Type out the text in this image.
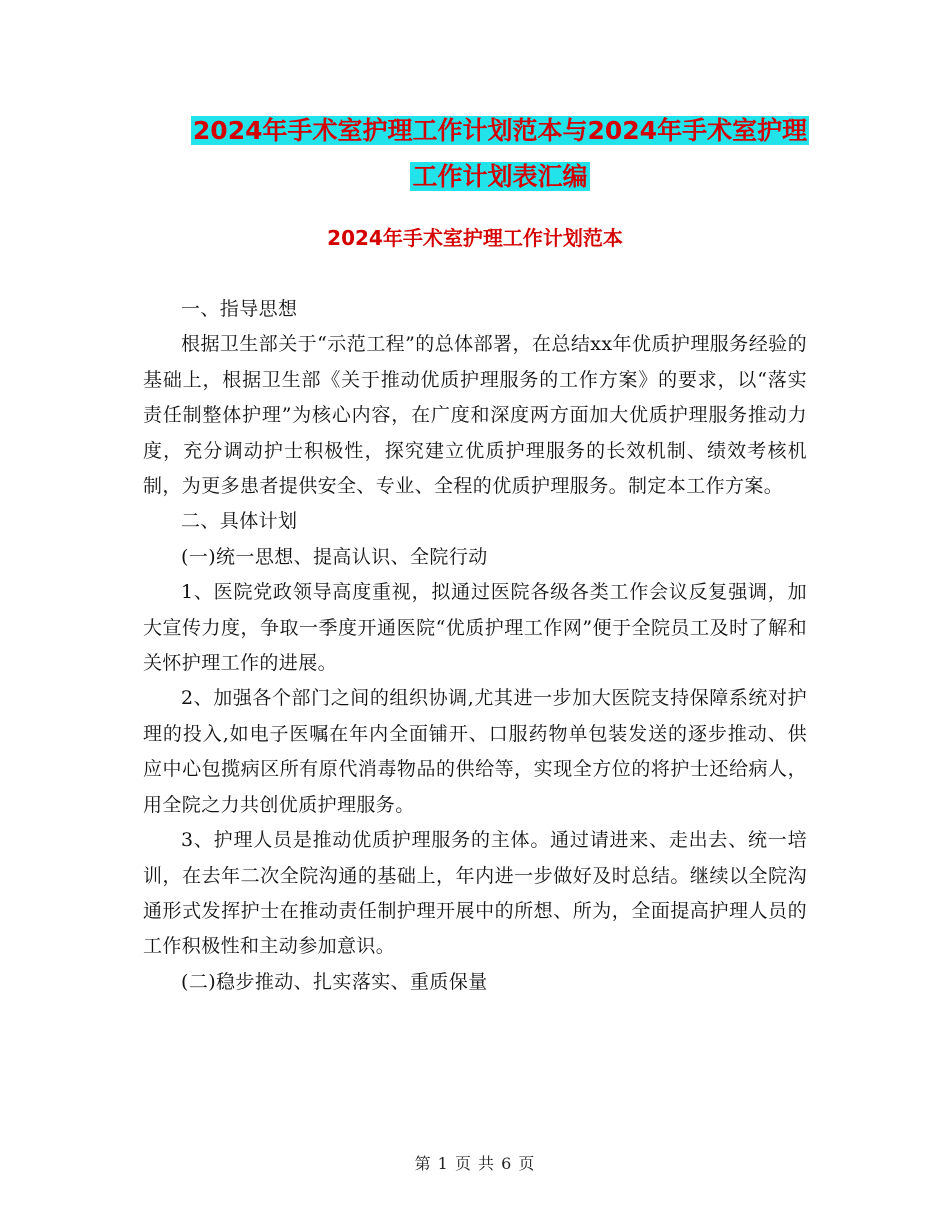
2024年手术室护理工作计划范本与2024年手术室护理
工作计划表汇编
2024年手术室护理工作计划范本

一、指导思想

根据卫生部关于“示范工程”的总体部署，在总结xx年优质护理服务经验的基础上，根据卫生部《关于推动优质护理服务的工作方案》的要求，以“落实责任制整体护理”为核心内容，在广度和深度两方面加大优质护理服务推动力度，充分调动护士积极性，探究建立优质护理服务的长效机制、绩效考核机制，为更多患者提供安全、专业、全程的优质护理服务。制定本工作方案。

二、具体计划

(一)统一思想、提高认识、全院行动

1、医院党政领导高度重视，拟通过医院各级各类工作会议反复强调，加大宣传力度，争取一季度开通医院“优质护理工作网”便于全院员工及时了解和关怀护理工作的进展。

2、加强各个部门之间的组织协调,尤其进一步加大医院支持保障系统对护理的投入,如电子医嘱在年内全面铺开、口服药物单包装发送的逐步推动、供应中心包揽病区所有原代消毒物品的供给等，实现全方位的将护士还给病人，用全院之力共创优质护理服务。

3、护理人员是推动优质护理服务的主体。通过请进来、走出去、统一培训，在去年二次全院沟通的基础上，年内进一步做好及时总结。继续以全院沟通形式发挥护士在推动责任制护理开展中的所想、所为，全面提高护理人员的工作积极性和主动参加意识。

(二)稳步推动、扎实落实、重质保量

第 1 页 共 6 页
